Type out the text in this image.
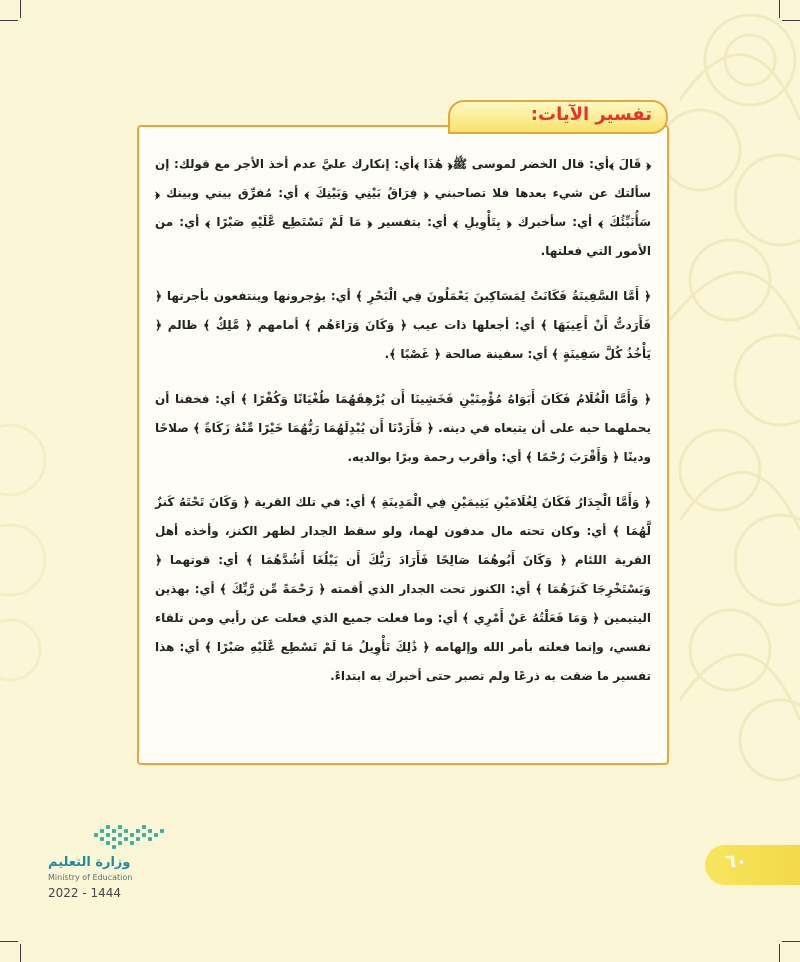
تفسير الآيات:

﴿ قَالَ ﴾أي: قال الخضر لموسى ﷺ﴿ هَٰذَا ﴾أي: إنكارك عليَّ عدم أخذ الأجر مع قولك: إن سألتك عن شيء بعدها فلا تصاحبني ﴿ فِرَاقُ بَيْنِي وَبَيْنِكَ ﴾ أي: مُفرِّق بيني وبينك ﴿ سَأُنَبِّئُكَ ﴾ أي: سأخبرك ﴿ بِتَأْوِيلِ ﴾ أي: بتفسير ﴿ مَا لَمْ تَسْتَطِع عَّلَيْهِ صَبْرًا ﴾ أي: من الأمور التي فعلتها.

﴿ أَمَّا السَّفِينَةُ فَكَانَتْ لِمَسَاكِينَ يَعْمَلُونَ فِي الْبَحْرِ ﴾ أي: يؤجرونها وينتفعون بأجرتها ﴿ فَأَرَدتُّ أَنْ أَعِيبَهَا ﴾ أي: أجعلها ذات عيب ﴿ وَكَانَ وَرَاءَهُم ﴾ أمامهم ﴿ مَّلِكٌ ﴾ ظالم ﴿ يَأْخُذُ كُلَّ سَفِينَةٍ ﴾ أي: سفينة صالحة ﴿ غَصْبًا ﴾.

﴿ وَأَمَّا الْغُلَامُ فَكَانَ أَبَوَاهُ مُؤْمِنَيْنِ فَخَشِينَا أَن يُرْهِقَهُمَا طُغْيَانًا وَكُفْرًا ﴾ أي: فخفنا أن يحملهما حبه على أن يتبعاه في دينه. ﴿ فَأَرَدْنَا أَن يُبْدِلَهُمَا رَبُّهُمَا خَيْرًا مِّنْهُ زَكَاةً ﴾ صلاحًا ودينًا ﴿ وَأَقْرَبَ رُحْمًا ﴾ أي: وأقرب رحمة وبرًا بوالديه.

﴿ وَأَمَّا الْجِدَارُ فَكَانَ لِغُلَامَيْنِ يَتِيمَيْنِ فِي الْمَدِينَةِ ﴾ أي: في تلك القرية ﴿ وَكَانَ تَحْتَهُ كَنزٌ لَّهُمَا ﴾ أي: وكان تحته مال مدفون لهما، ولو سقط الجدار لظهر الكنز، وأخذه أهل القرية اللئام ﴿ وَكَانَ أَبُوهُمَا صَالِحًا فَأَرَادَ رَبُّكَ أَن يَبْلُغَا أَشُدَّهُمَا ﴾ أي: قوتهما ﴿ وَيَسْتَخْرِجَا كَنزَهُمَا ﴾ أي: الكنوز تحت الجدار الذي أقمته ﴿ رَحْمَةً مِّن رَّبِّكَ ﴾ أي: بهذين اليتيمين ﴿ وَمَا فَعَلْتُهُ عَنْ أَمْرِي ﴾ أي: وما فعلت جميع الذي فعلت عن رأيي ومن تلقاء نفسي، وإنما فعلته بأمر الله وإلهامه ﴿ ذَٰلِكَ تَأْوِيلُ مَا لَمْ تَسْطِع عَّلَيْهِ صَبْرًا ﴾ أي: هذا تفسير ما ضقت به ذرعًا ولم تصبر حتى أخبرك به ابتداءً.

وزارة التعليم
Ministry of Education
2022 - 1444
٦٠
